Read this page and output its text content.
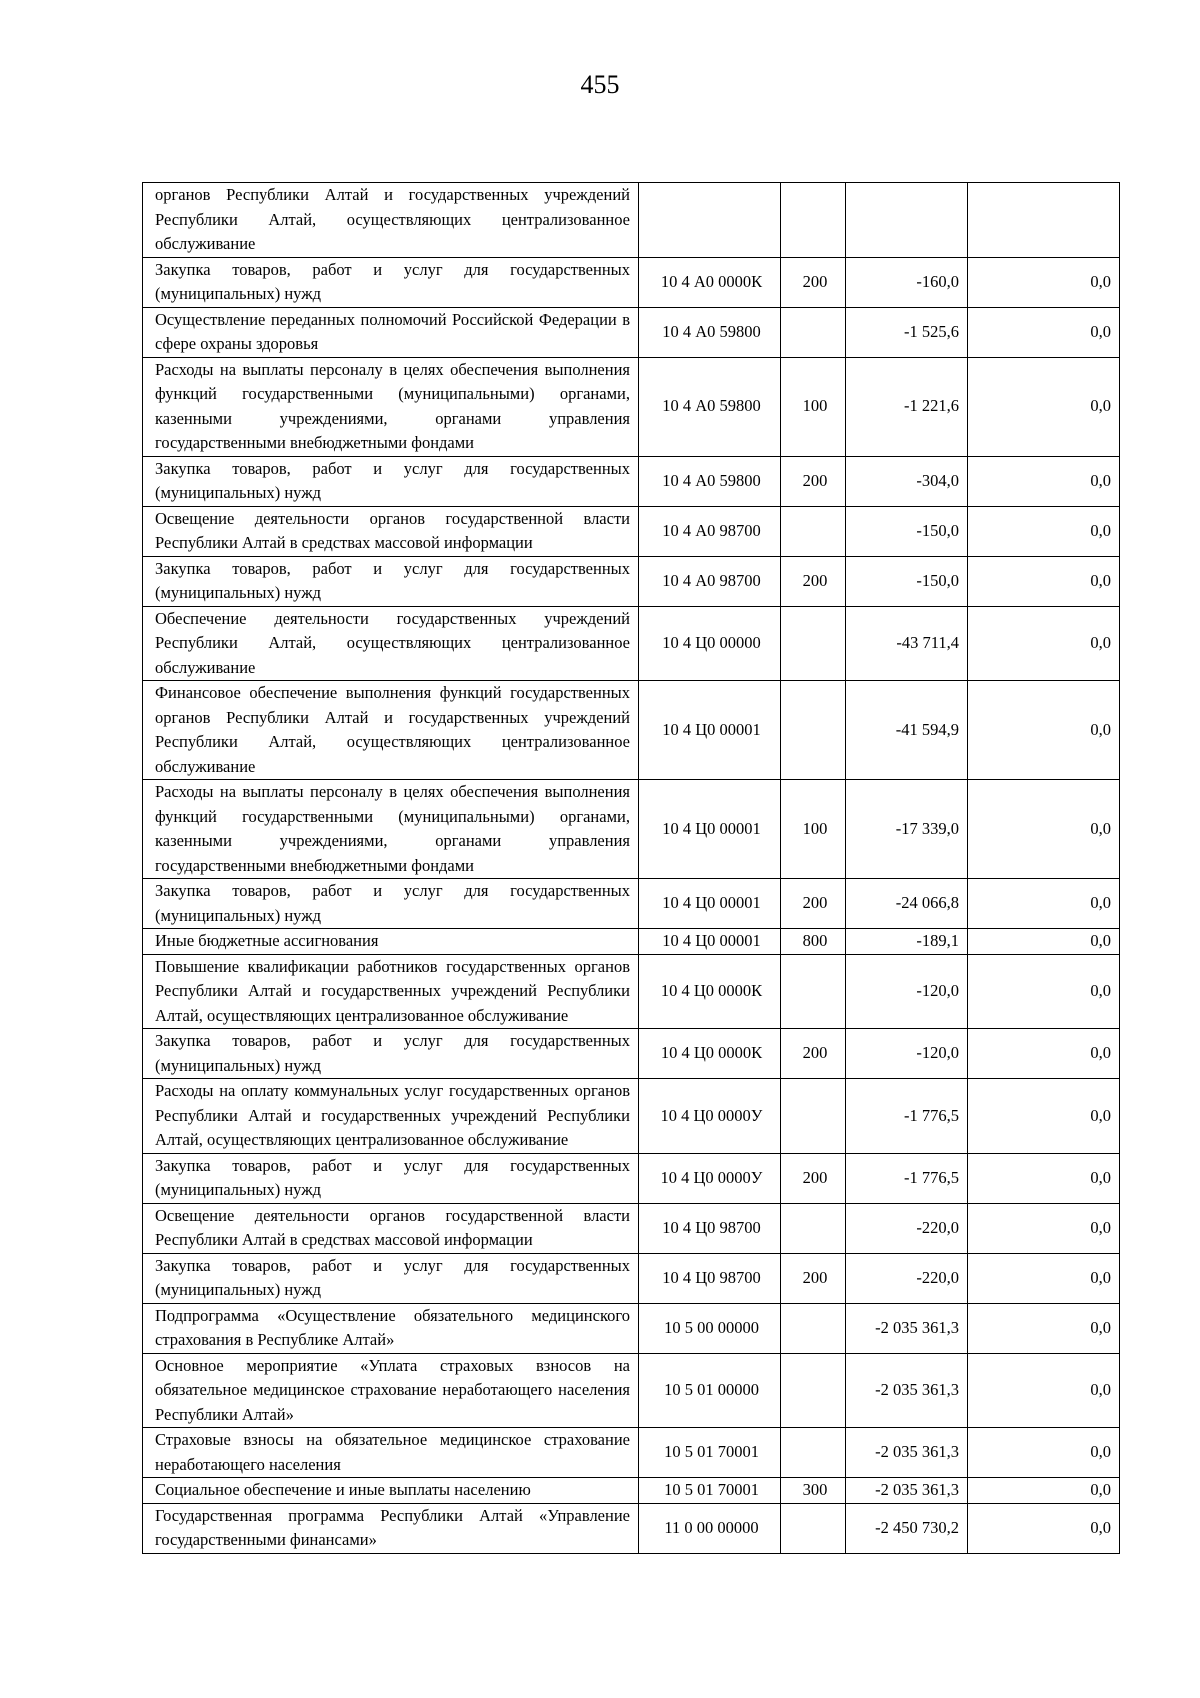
455
органов Республики Алтай и государственных учреждений Республики Алтай, осуществляющих централизованное обслуживание				
Закупка товаров, работ и услуг для государственных (муниципальных) нужд	10 4 А0 0000К	200	-160,0	0,0
Осуществление переданных полномочий Российской Федерации в сфере охраны здоровья	10 4 А0 59800		-1 525,6	0,0
Расходы на выплаты персоналу в целях обеспечения выполнения функций государственными (муниципальными) органами, казенными учреждениями, органами управления государственными внебюджетными фондами	10 4 А0 59800	100	-1 221,6	0,0
Закупка товаров, работ и услуг для государственных (муниципальных) нужд	10 4 А0 59800	200	-304,0	0,0
Освещение деятельности органов государственной власти Республики Алтай в средствах массовой информации	10 4 А0 98700		-150,0	0,0
Закупка товаров, работ и услуг для государственных (муниципальных) нужд	10 4 А0 98700	200	-150,0	0,0
Обеспечение деятельности государственных учреждений Республики Алтай, осуществляющих централизованное обслуживание	10 4 Ц0 00000		-43 711,4	0,0
Финансовое обеспечение выполнения функций государственных органов Республики Алтай и государственных учреждений Республики Алтай, осуществляющих централизованное обслуживание	10 4 Ц0 00001		-41 594,9	0,0
Расходы на выплаты персоналу в целях обеспечения выполнения функций государственными (муниципальными) органами, казенными учреждениями, органами управления государственными внебюджетными фондами	10 4 Ц0 00001	100	-17 339,0	0,0
Закупка товаров, работ и услуг для государственных (муниципальных) нужд	10 4 Ц0 00001	200	-24 066,8	0,0
Иные бюджетные ассигнования	10 4 Ц0 00001	800	-189,1	0,0
Повышение квалификации работников государственных органов Республики Алтай и государственных учреждений Республики Алтай, осуществляющих централизованное обслуживание	10 4 Ц0 0000К		-120,0	0,0
Закупка товаров, работ и услуг для государственных (муниципальных) нужд	10 4 Ц0 0000К	200	-120,0	0,0
Расходы на оплату коммунальных услуг государственных органов Республики Алтай и государственных учреждений Республики Алтай, осуществляющих централизованное обслуживание	10 4 Ц0 0000У		-1 776,5	0,0
Закупка товаров, работ и услуг для государственных (муниципальных) нужд	10 4 Ц0 0000У	200	-1 776,5	0,0
Освещение деятельности органов государственной власти Республики Алтай в средствах массовой информации	10 4 Ц0 98700		-220,0	0,0
Закупка товаров, работ и услуг для государственных (муниципальных) нужд	10 4 Ц0 98700	200	-220,0	0,0
Подпрограмма «Осуществление обязательного медицинского страхования в Республике Алтай»	10 5 00 00000		-2 035 361,3	0,0
Основное мероприятие «Уплата страховых взносов на обязательное медицинское страхование неработающего населения Республики Алтай»	10 5 01 00000		-2 035 361,3	0,0
Страховые взносы на обязательное медицинское страхование неработающего населения	10 5 01 70001		-2 035 361,3	0,0
Социальное обеспечение и иные выплаты населению	10 5 01 70001	300	-2 035 361,3	0,0
Государственная программа Республики Алтай «Управление государственными финансами»	11 0 00 00000		-2 450 730,2	0,0
